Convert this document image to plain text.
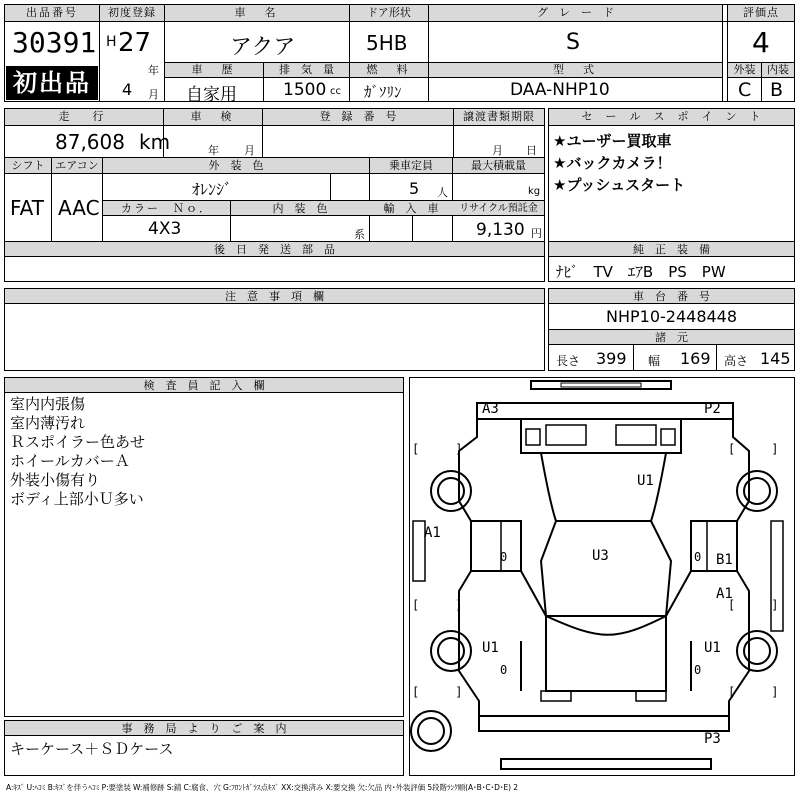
出品番号
30391
初出品
初度登録
H 27
年
4 月
車　名
アクア
ドア形状
5HB
グ　レ　ー　ド
S
評価点
4
車　歴
自家用
排　気　量
1500 cc
燃　料
ｶﾞｿﾘﾝ
型　式
DAA-NHP10
外装	内装
C B
走　行
87,608 km
車　検
年 月
登　録　番　号	譲渡書類期限
月 日
シフト
FAT
エアコン
AAC
外　装　色
ｵﾚﾝｼﾞ
乗車定員
5 人
最大積載量
kg
カラー　Ｎｏ．
4X3
内　装　色
系
輸　入　車	リサイクル預託金
9,130 円
後　日　発　送　部　品
セ　ー　ル　ス　ポ　イ　ン　ト
★ユーザー買取車
★バックカメラ！
★プッシュスタート
純　正　装　備
ﾅﾋﾞ　TV　ｴｱB　PS　PW
注　意　事　項　欄	車　台　番　号
NHP10-2448448
諸　元
長さ 399 幅 169 高さ 145
検　査　員　記　入　欄
室内内張傷
室内薄汚れ
Ｒスポイラー色あせ
ホイールカバーＡ
外装小傷有り
ボディ上部小Ｕ多い
事　務　局　よ　り　ご　案　内
キーケース＋ＳＤケース
A3	P2
[　　　]	[　　　]
U1
A1
U3	B1
0	0
A1
[　　　]	[　　　]
U1	U1
0	0
[　　　]	[　　　]
P3
A:ｷｽﾞ U:ﾍｺﾐ B:ｷｽﾞを伴うﾍｺﾐ P:要塗装 W:補修跡 S:錆 C:腐食、穴 G:ﾌﾛﾝﾄｶﾞﾗｽ点ｷｽﾞ XX:交換済み X:要交換 欠:欠品 内･外装評価 5段階ﾗﾝｸ順(A･B･C･D･E) 2
